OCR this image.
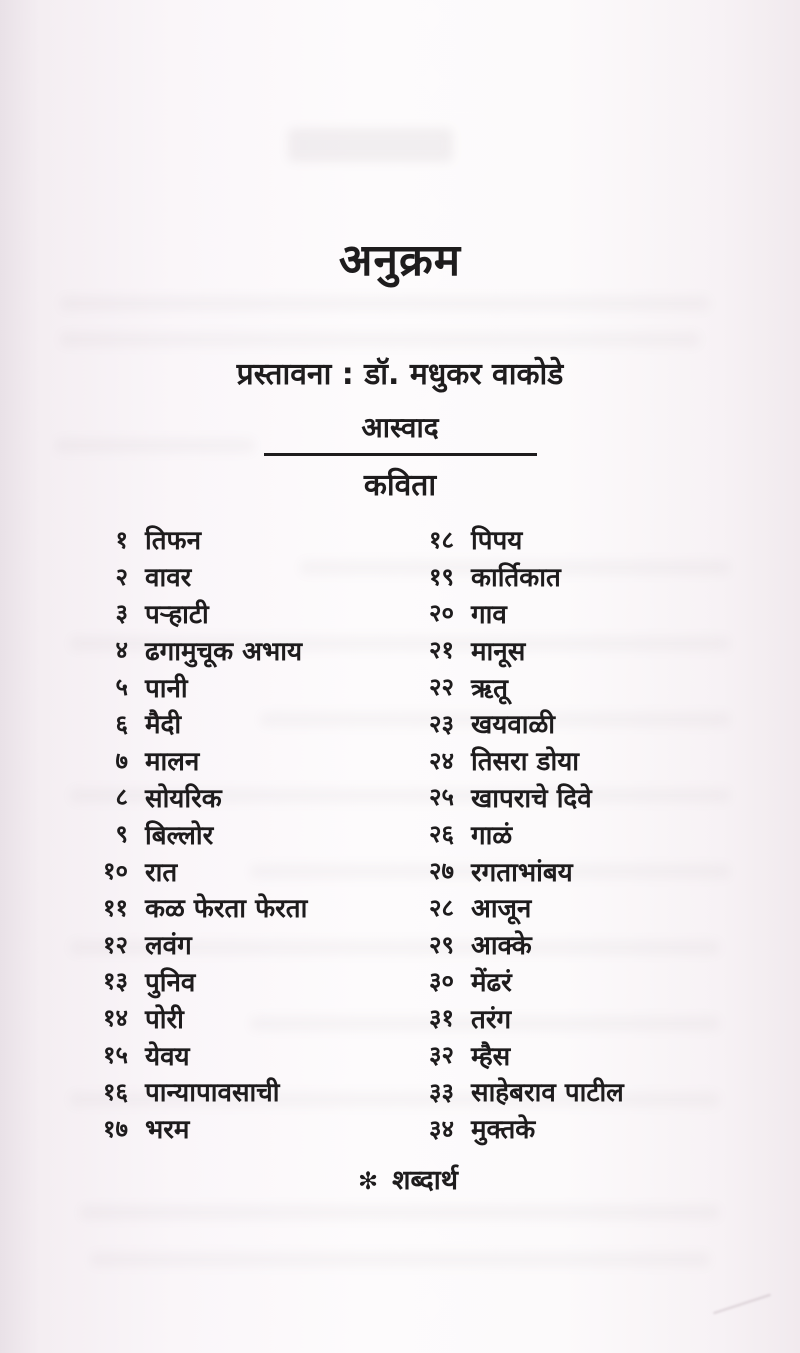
अनुक्रम
प्रस्तावना : डॉ. मधुकर वाकोडे
आस्वाद
कविता
१ तिफन
२ वावर
३ पऱ्हाटी
४ ढगामुचूक अभाय
५ पानी
६ मैदी
७ मालन
८ सोयरिक
९ बिल्लोर
१० रात
११ कळ फेरता फेरता
१२ लवंग
१३ पुनिव
१४ पोरी
१५ येवय
१६ पान्यापावसाची
१७ भरम
१८ पिपय
१९ कार्तिकात
२० गाव
२१ मानूस
२२ ऋतू
२३ खयवाळी
२४ तिसरा डोया
२५ खापराचे दिवे
२६ गाळं
२७ रगताभांबय
२८ आजून
२९ आक्के
३० मेंढरं
३१ तरंग
३२ म्हैस
३३ साहेबराव पाटील
३४ मुक्तके
✻ शब्दार्थ
